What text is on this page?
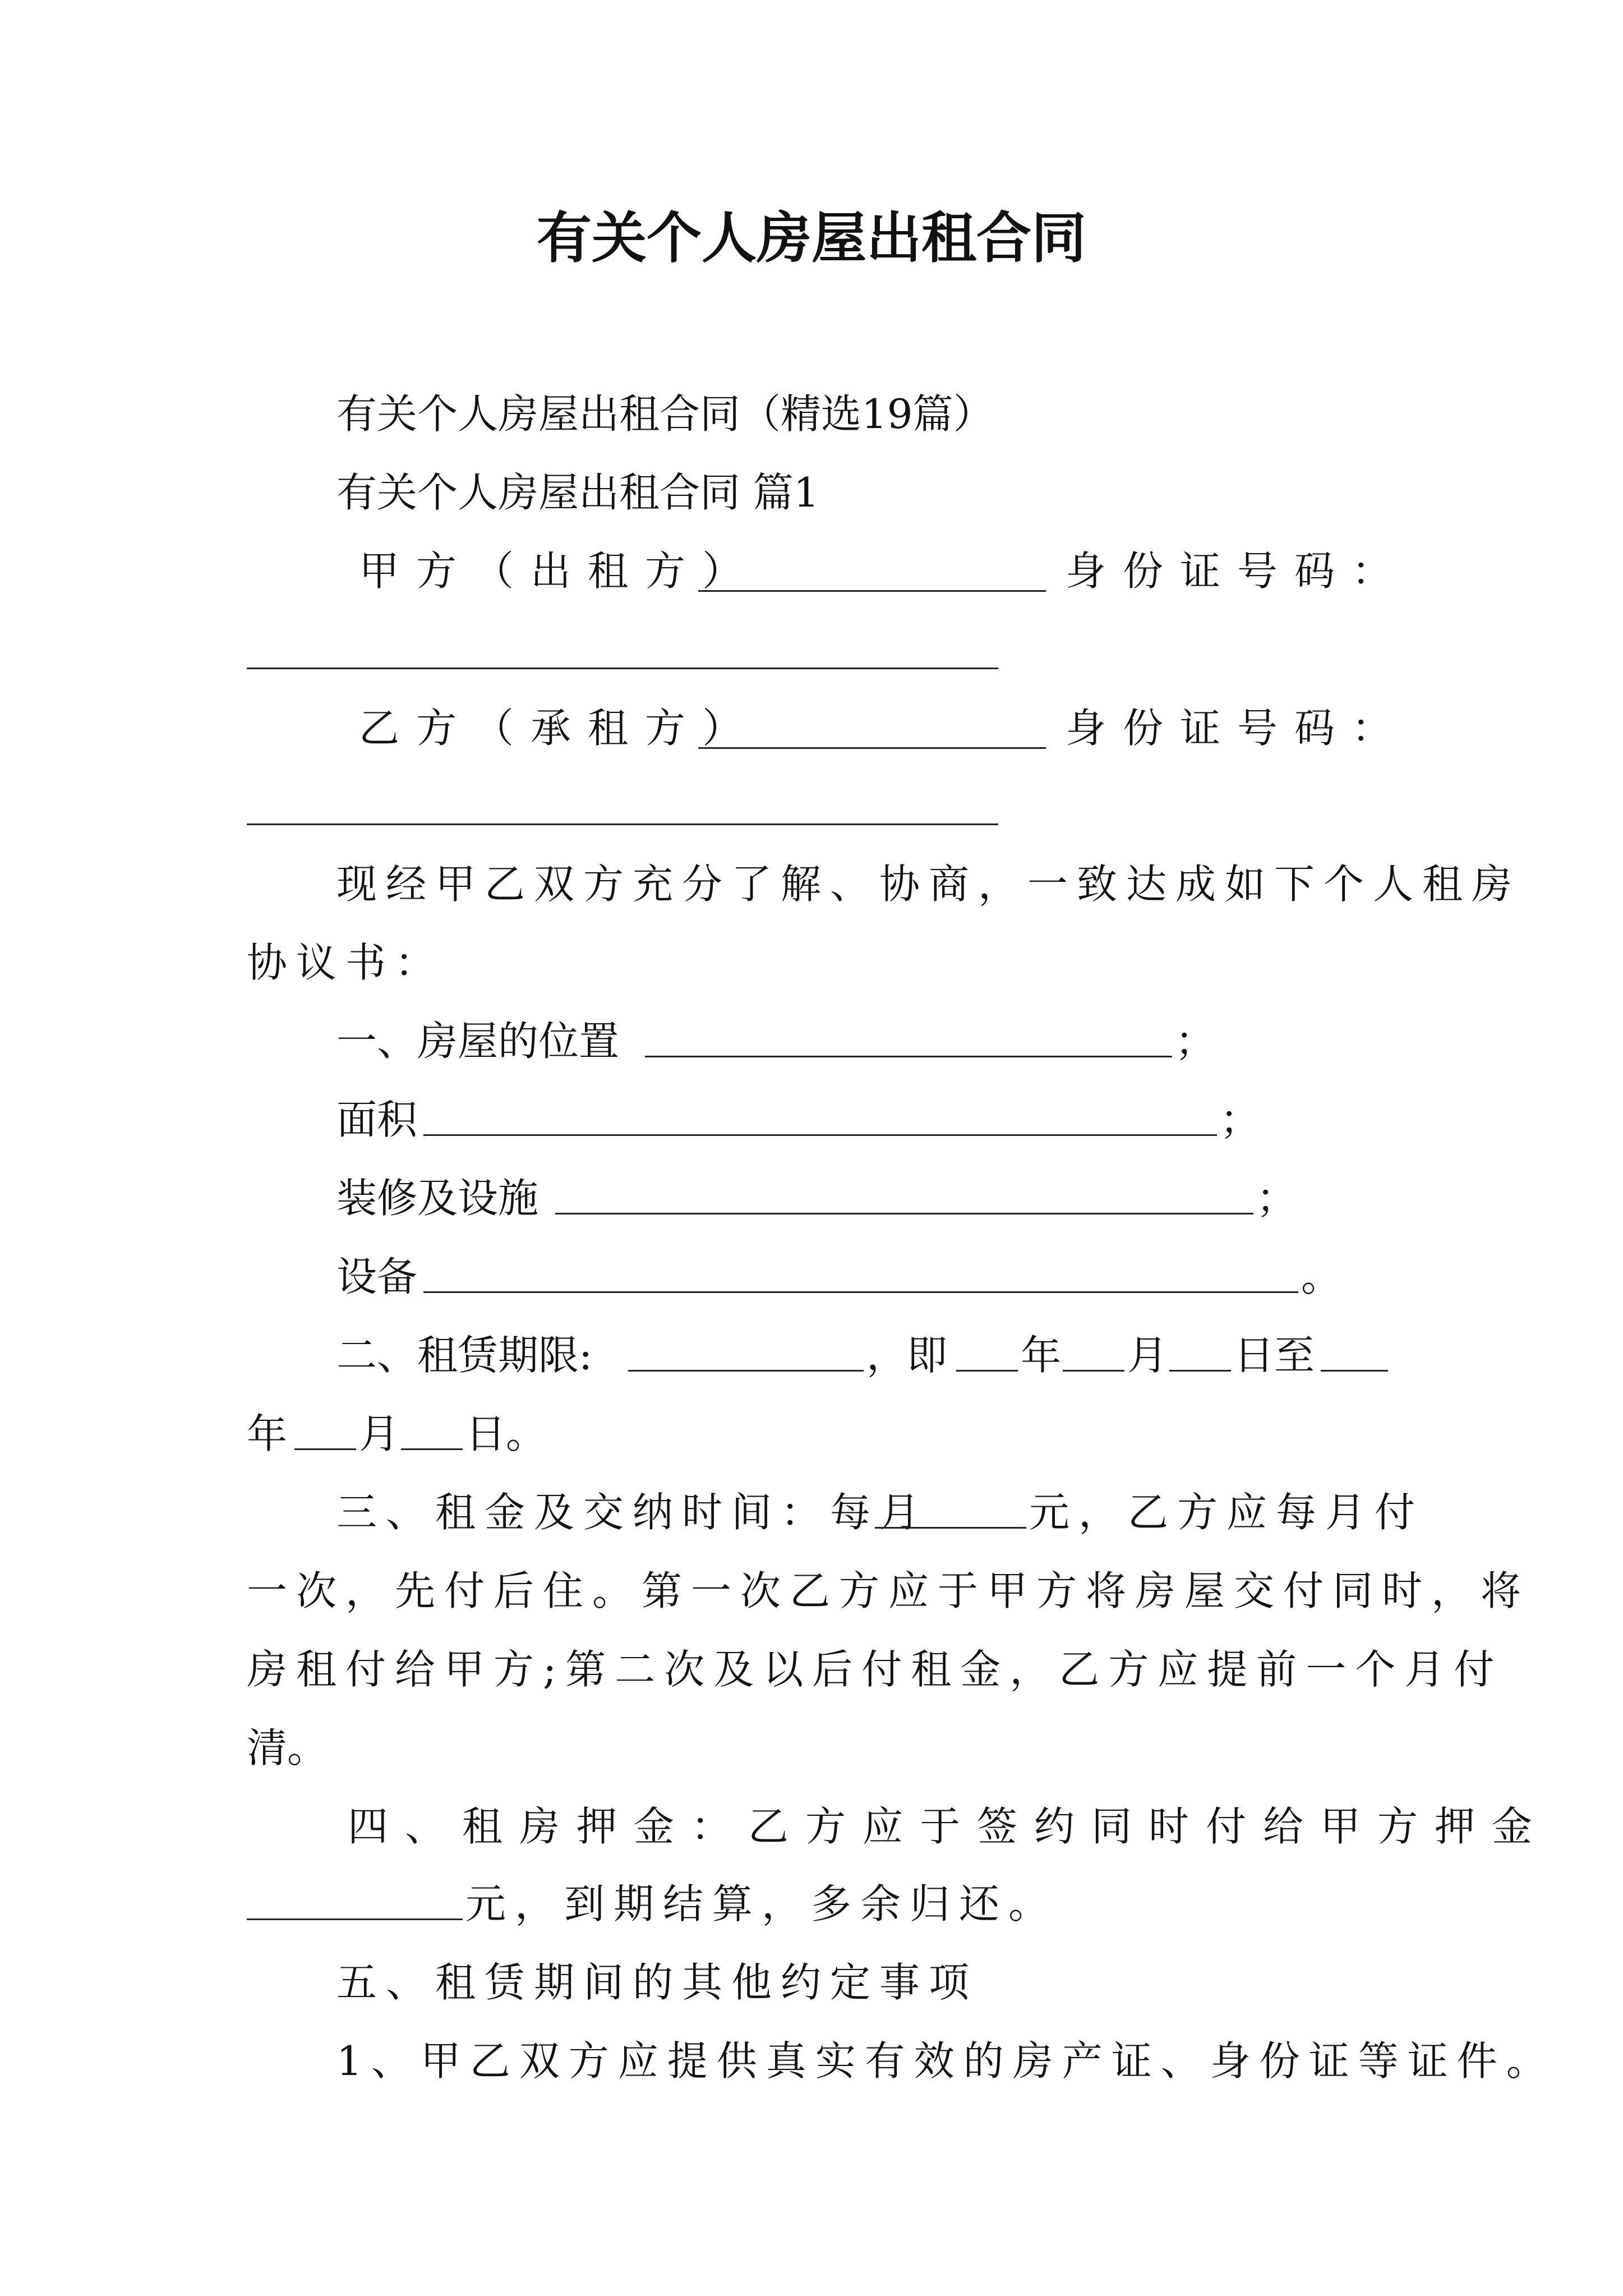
有关个人房屋出租合同
有关个人房屋出租合同（精选19篇）
有关个人房屋出租合同 篇1
甲方（出租方）	身份证号码：
乙方（承租方）	身份证号码：
现经甲乙双方充分了解、协商，一致达成如下个人租房
协议书：
一、房屋的位置	；
面积	；
装修及设施	；
设备	。
二、租赁期限:	，即 年 月 日至
年 月 日。
三、租金及交纳时间：每月 元，乙方应每月付
一次，先付后住。第一次乙方应于甲方将房屋交付同时，将
房租付给甲方;第二次及以后付租金，乙方应提前一个月付
清。
四、租房押金：乙方应于签约同时付给甲方押金
元，到期结算，多余归还。
五、租赁期间的其他约定事项
1、甲乙双方应提供真实有效的房产证、身份证等证件。
